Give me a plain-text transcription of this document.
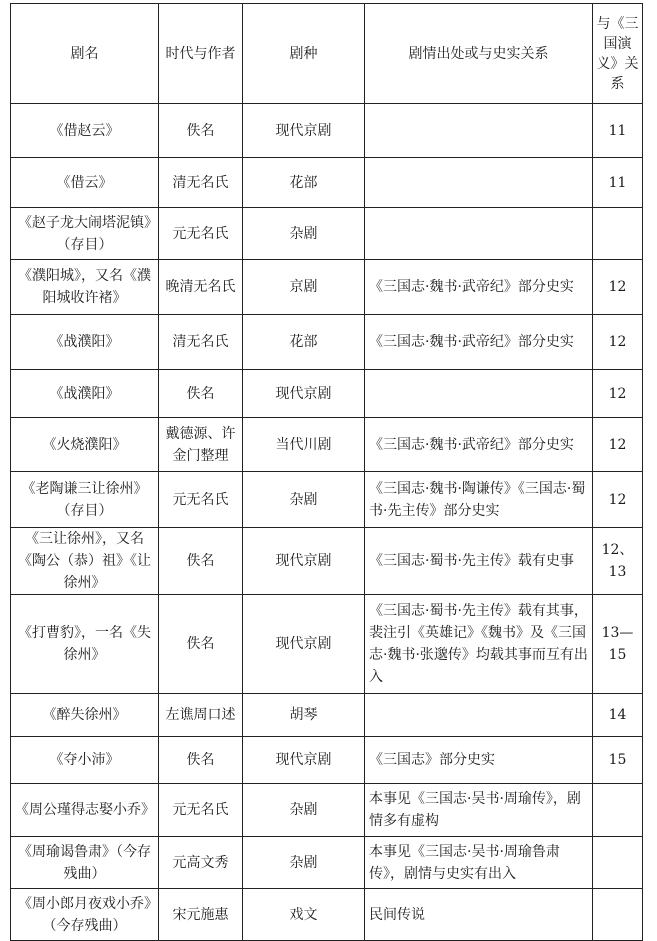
剧名	时代与作者	剧种	剧情出处或与史实关系	与《三国演义》关系
《借赵云》	佚名	现代京剧		11
《借云》	清无名氏	花部		11
《赵子龙大闹塔泥镇》（存目）	元无名氏	杂剧		
《濮阳城》，又名《濮阳城收许褚》	晚清无名氏	京剧	《三国志·魏书·武帝纪》部分史实	12
《战濮阳》	清无名氏	花部	《三国志·魏书·武帝纪》部分史实	12
《战濮阳》	佚名	现代京剧		12
《火烧濮阳》	戴德源、许金门整理	当代川剧	《三国志·魏书·武帝纪》部分史实	12
《老陶谦三让徐州》（存目）	元无名氏	杂剧	《三国志·魏书·陶谦传》《三国志·蜀书·先主传》部分史实	12
《三让徐州》，又名《陶公（恭）祖》《让徐州》	佚名	现代京剧	《三国志·蜀书·先主传》载有史事	12、13
《打曹豹》，一名《失徐州》	佚名	现代京剧	《三国志·蜀书·先主传》载有其事，裴注引《英雄记》《魏书》及《三国志·魏书·张邈传》均载其事而互有出入	13—15
《醉失徐州》	左谯周口述	胡琴		14
《夺小沛》	佚名	现代京剧	《三国志》部分史实	15
《周公瑾得志娶小乔》	元无名氏	杂剧	本事见《三国志·吴书·周瑜传》，剧情多有虚构	
《周瑜谒鲁肃》（今存残曲）	元高文秀	杂剧	本事见《三国志·吴书·周瑜鲁肃传》，剧情与史实有出入	
《周小郎月夜戏小乔》（今存残曲）	宋元施惠	戏文	民间传说	
